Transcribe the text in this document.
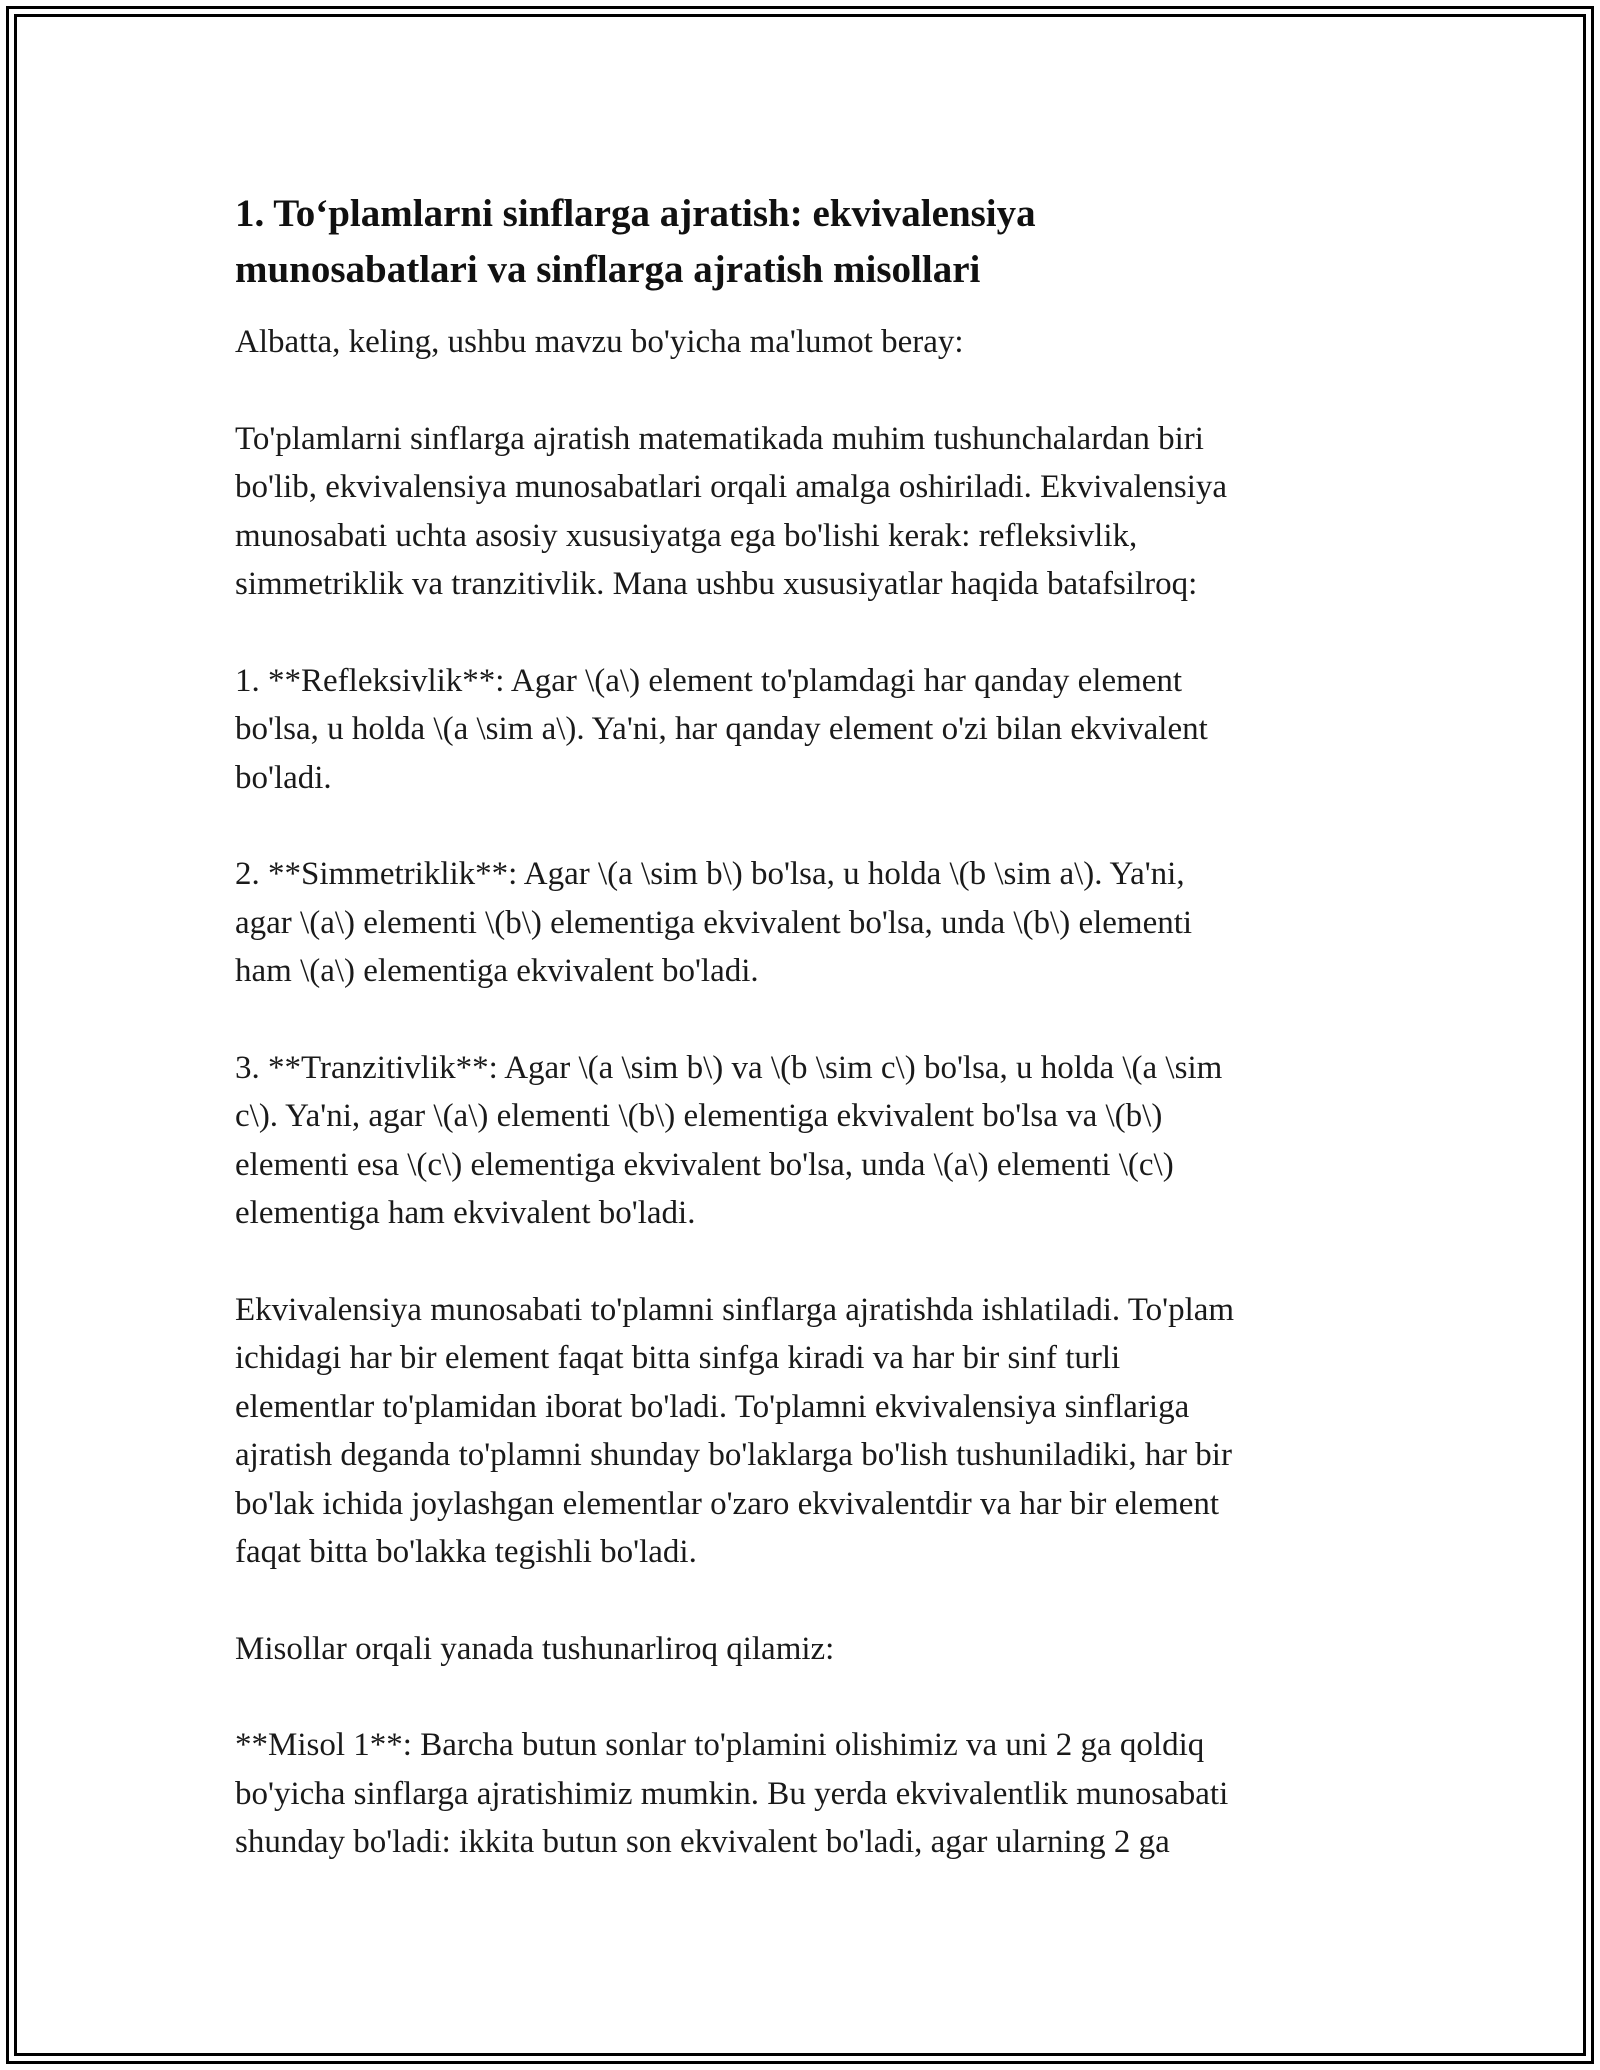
1. To‘plamlarni sinflarga ajratish: ekvivalensiya
munosabatlari va sinflarga ajratish misollari
Albatta, keling, ushbu mavzu bo'yicha ma'lumot beray:
To'plamlarni sinflarga ajratish matematikada muhim tushunchalardan biri
bo'lib, ekvivalensiya munosabatlari orqali amalga oshiriladi. Ekvivalensiya
munosabati uchta asosiy xususiyatga ega bo'lishi kerak: refleksivlik,
simmetriklik va tranzitivlik. Mana ushbu xususiyatlar haqida batafsilroq:
1. **Refleksivlik**: Agar \(a\) element to'plamdagi har qanday element
bo'lsa, u holda \(a \sim a\). Ya'ni, har qanday element o'zi bilan ekvivalent
bo'ladi.
2. **Simmetriklik**: Agar \(a \sim b\) bo'lsa, u holda \(b \sim a\). Ya'ni,
agar \(a\) elementi \(b\) elementiga ekvivalent bo'lsa, unda \(b\) elementi
ham \(a\) elementiga ekvivalent bo'ladi.
3. **Tranzitivlik**: Agar \(a \sim b\) va \(b \sim c\) bo'lsa, u holda \(a \sim
c\). Ya'ni, agar \(a\) elementi \(b\) elementiga ekvivalent bo'lsa va \(b\)
elementi esa \(c\) elementiga ekvivalent bo'lsa, unda \(a\) elementi \(c\)
elementiga ham ekvivalent bo'ladi.
Ekvivalensiya munosabati to'plamni sinflarga ajratishda ishlatiladi. To'plam
ichidagi har bir element faqat bitta sinfga kiradi va har bir sinf turli
elementlar to'plamidan iborat bo'ladi. To'plamni ekvivalensiya sinflariga
ajratish deganda to'plamni shunday bo'laklarga bo'lish tushuniladiki, har bir
bo'lak ichida joylashgan elementlar o'zaro ekvivalentdir va har bir element
faqat bitta bo'lakka tegishli bo'ladi.
Misollar orqali yanada tushunarliroq qilamiz:
**Misol 1**: Barcha butun sonlar to'plamini olishimiz va uni 2 ga qoldiq
bo'yicha sinflarga ajratishimiz mumkin. Bu yerda ekvivalentlik munosabati
shunday bo'ladi: ikkita butun son ekvivalent bo'ladi, agar ularning 2 ga
